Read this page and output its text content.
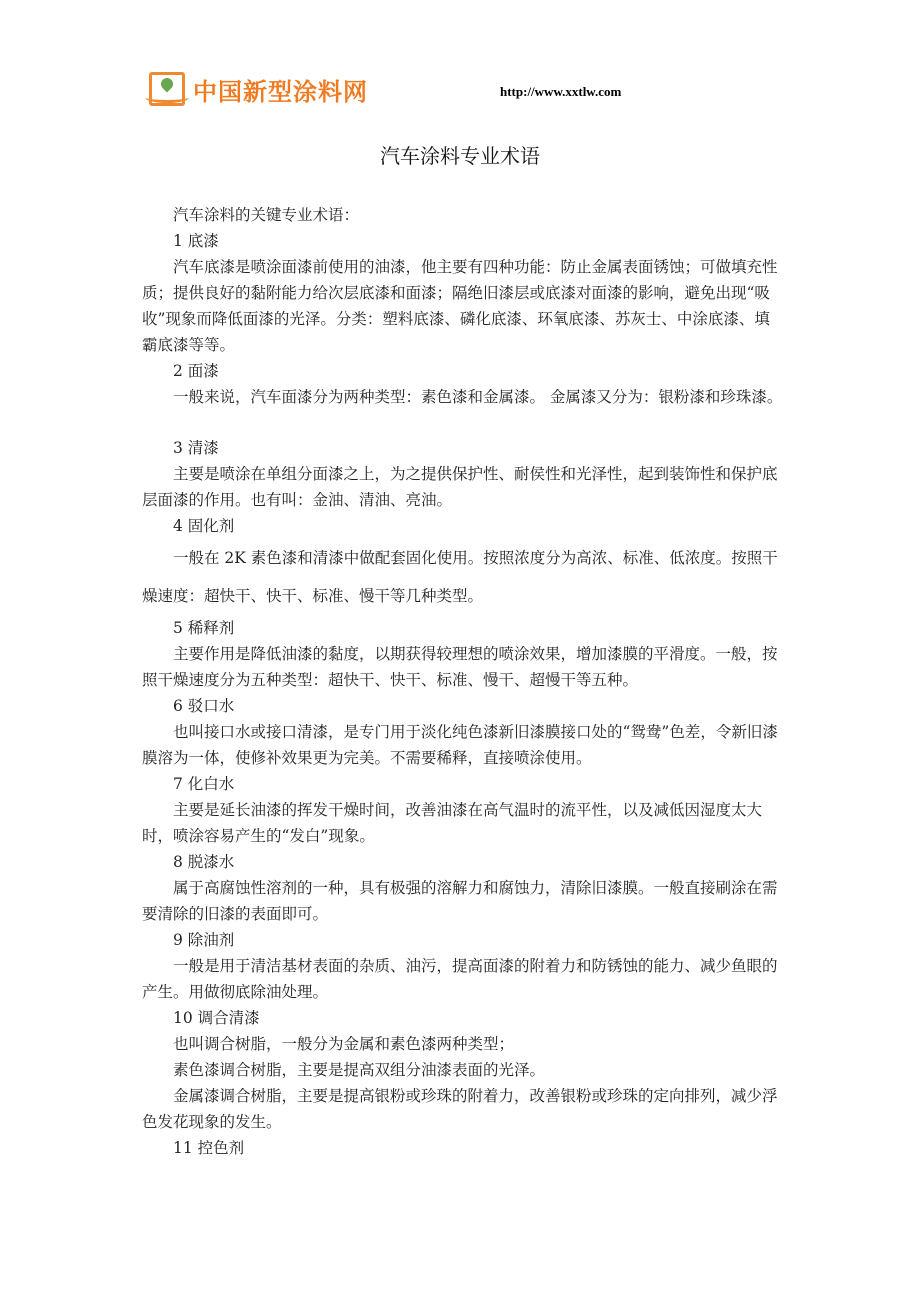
中国新型涂料网	http://www.xxtlw.com
汽车涂料专业术语

汽车涂料的关键专业术语：

1 底漆

汽车底漆是喷涂面漆前使用的油漆，他主要有四种功能：防止金属表面锈蚀；可做填充性质；提供良好的黏附能力给次层底漆和面漆；隔绝旧漆层或底漆对面漆的影响，避免出现“吸收”现象而降低面漆的光泽。分类：塑料底漆、磷化底漆、环氧底漆、苏灰士、中涂底漆、填霸底漆等等。

2 面漆

一般来说，汽车面漆分为两种类型：素色漆和金属漆。 金属漆又分为：银粉漆和珍珠漆。

3 清漆

主要是喷涂在单组分面漆之上，为之提供保护性、耐侯性和光泽性，起到装饰性和保护底层面漆的作用。也有叫：金油、清油、亮油。

4 固化剂

一般在 2K 素色漆和清漆中做配套固化使用。按照浓度分为高浓、标准、低浓度。按照干燥速度：超快干、快干、标准、慢干等几种类型。

5 稀释剂

主要作用是降低油漆的黏度，以期获得较理想的喷涂效果，增加漆膜的平滑度。一般，按照干燥速度分为五种类型：超快干、快干、标准、慢干、超慢干等五种。

6 驳口水

也叫接口水或接口清漆，是专门用于淡化纯色漆新旧漆膜接口处的“鸳鸯”色差，令新旧漆膜溶为一体，使修补效果更为完美。不需要稀释，直接喷涂使用。

7 化白水

主要是延长油漆的挥发干燥时间，改善油漆在高气温时的流平性，以及减低因湿度太大时，喷涂容易产生的“发白”现象。

8 脱漆水

属于高腐蚀性溶剂的一种，具有极强的溶解力和腐蚀力，清除旧漆膜。一般直接刷涂在需要清除的旧漆的表面即可。

9 除油剂

一般是用于清洁基材表面的杂质、油污，提高面漆的附着力和防锈蚀的能力、减少鱼眼的产生。用做彻底除油处理。

10 调合清漆

也叫调合树脂，一般分为金属和素色漆两种类型；

素色漆调合树脂，主要是提高双组分油漆表面的光泽。

金属漆调合树脂，主要是提高银粉或珍珠的附着力，改善银粉或珍珠的定向排列，减少浮色发花现象的发生。

11 控色剂
